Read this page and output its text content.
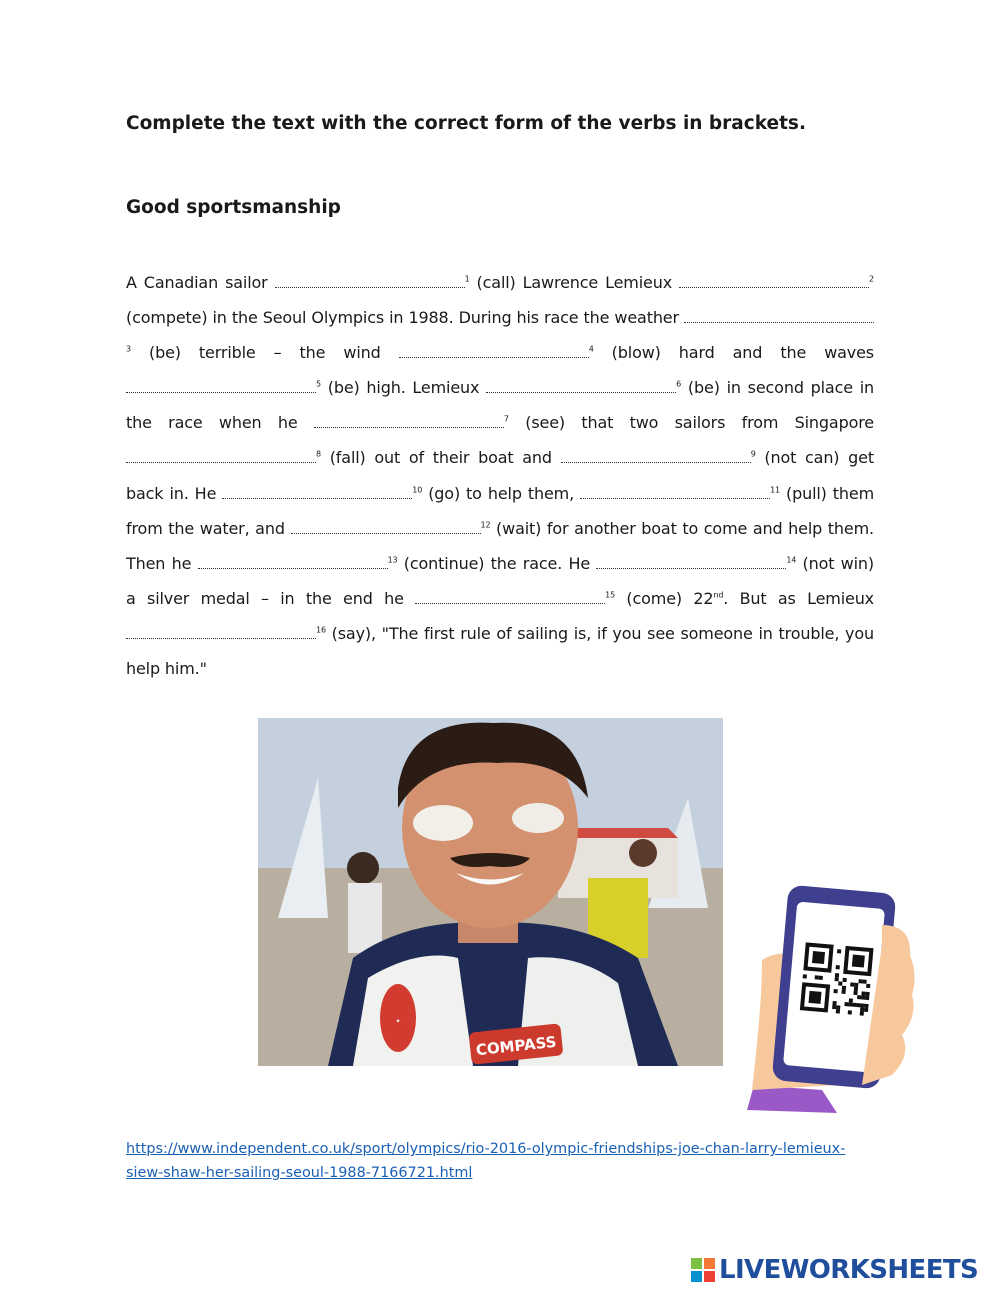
Complete the text with the correct form of the verbs in brackets.
Good sportsmanship

A Canadian sailor	$^1$ (call) Lawrence Lemieux	$^2$ (compete) in the Seoul Olympics in 1988. During his race the weather $^3$ (be) terrible – the wind	$^4$ (blow) hard and the waves $^5$ (be) high. Lemieux	$^6$ (be) in second place in the race when he	$^7$ (see) that two sailors from Singapore $^8$ (fall) out of their boat and	$^9$ (not can) get back in. He	$^{10}$ (go) to help them,	$^{11}$ (pull) them from the water, and	$^{12}$ (wait) for another boat to come and help them. Then he	$^{13}$ (continue) the race. He	$^{14}$ (not win) a silver medal – in the end he	$^{15}$ (come) 22nd. But as Lemieux $^{16}$ (say), "The first rule of sailing is, if you see someone in trouble, you help him."

✦
COMPASS
https://www.independent.co.uk/sport/olympics/rio-2016-olympic-friendships-joe-chan-larry-lemieux-siew-shaw-her-sailing-seoul-1988-7166721.html
LIVEWORKSHEETS
